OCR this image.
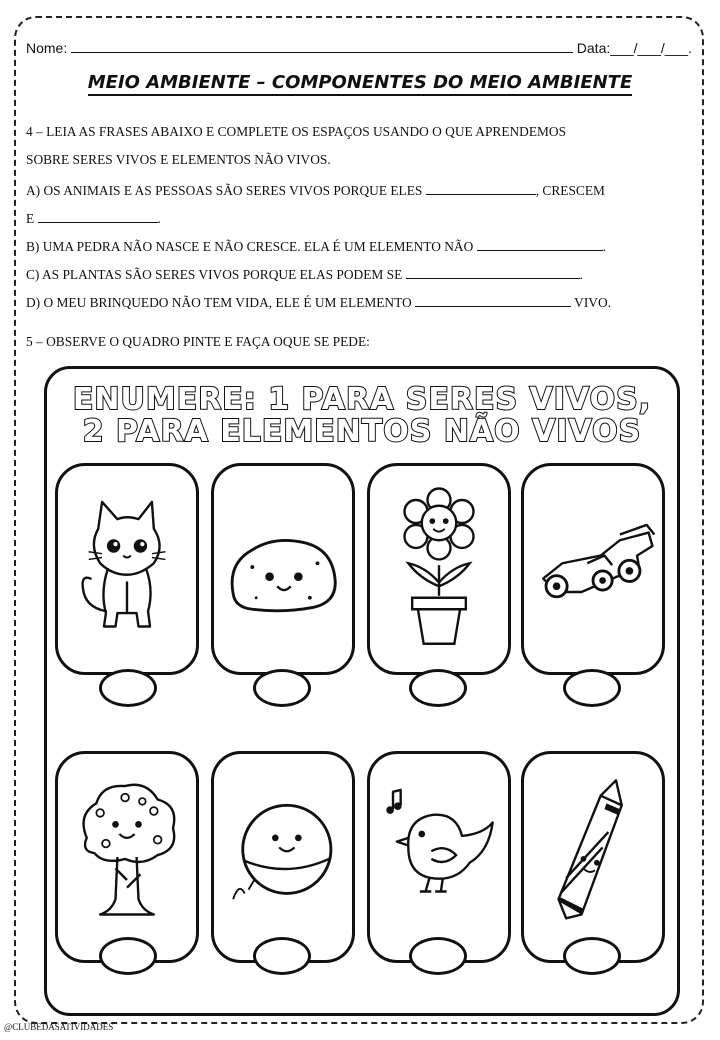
Nome:	Data:___/___/___.
MEIO AMBIENTE – COMPONENTES DO MEIO AMBIENTE
4 – LEIA AS FRASES ABAIXO E COMPLETE OS ESPAÇOS USANDO O QUE APRENDEMOS
SOBRE SERES VIVOS E ELEMENTOS NÃO VIVOS.
A) OS ANIMAIS E AS PESSOAS SÃO SERES VIVOS PORQUE ELES	, CRESCEM
E	.
B) UMA PEDRA NÃO NASCE E NÃO CRESCE. ELA É UM ELEMENTO NÃO	.
C) AS PLANTAS SÃO SERES VIVOS PORQUE ELAS PODEM SE	.
D) O MEU BRINQUEDO NÃO TEM VIDA, ELE É UM ELEMENTO	VIVO.
5 – OBSERVE O QUADRO PINTE E FAÇA OQUE SE PEDE:
ENUMERE: 1 PARA SERES VIVOS,
2 PARA ELEMENTOS NÃO VIVOS
@CLUBEDASATIVIDADES
